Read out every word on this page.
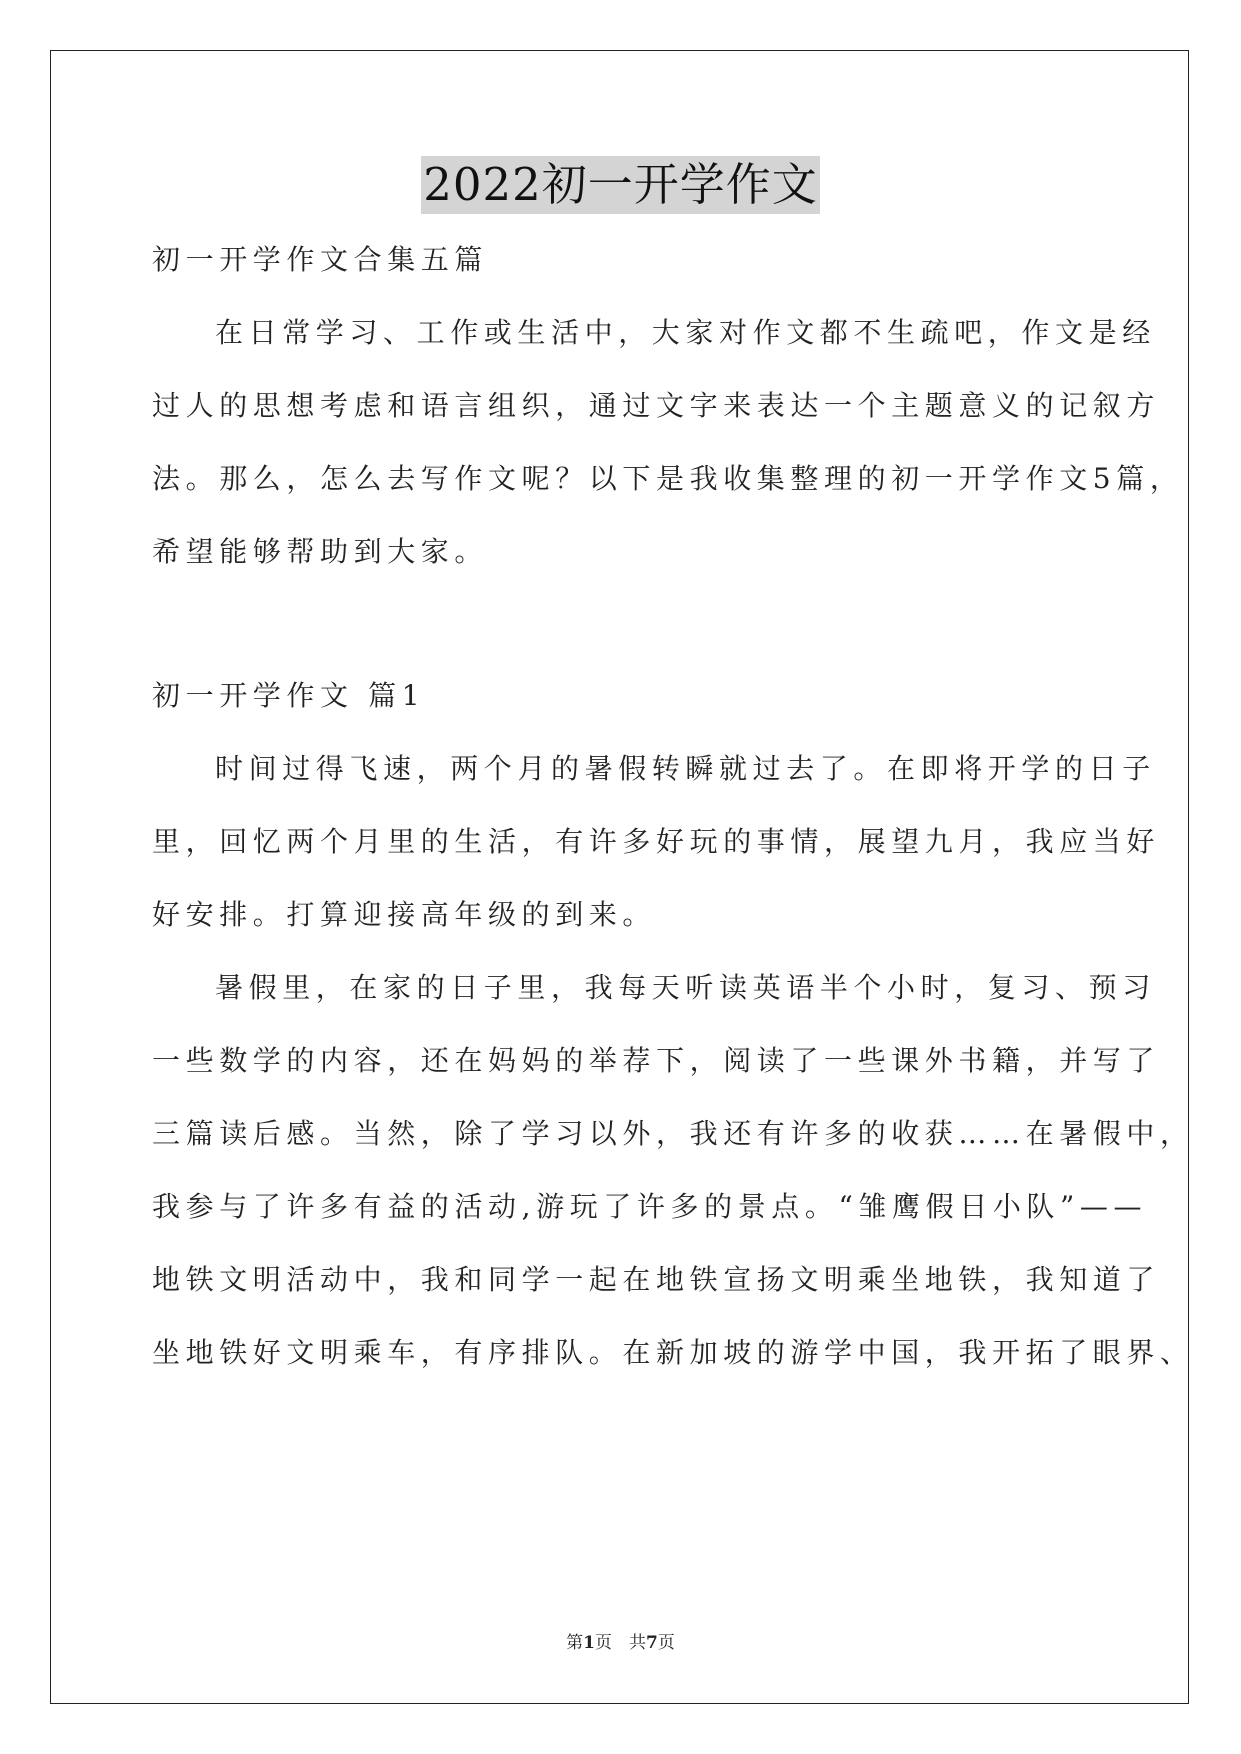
2022初一开学作文
初一开学作文合集五篇
在日常学习、工作或生活中，大家对作文都不生疏吧，作文是经
过人的思想考虑和语言组织，通过文字来表达一个主题意义的记叙方
法。那么，怎么去写作文呢？以下是我收集整理的初一开学作文5篇，
希望能够帮助到大家。
初一开学作文 篇1
时间过得飞速，两个月的暑假转瞬就过去了。在即将开学的日子
里，回忆两个月里的生活，有许多好玩的事情，展望九月，我应当好
好安排。打算迎接高年级的到来。
暑假里，在家的日子里，我每天听读英语半个小时，复习、预习
一些数学的内容，还在妈妈的举荐下，阅读了一些课外书籍，并写了
三篇读后感。当然，除了学习以外，我还有许多的收获……在暑假中，
我参与了许多有益的活动,游玩了许多的景点。“雏鹰假日小队”——
地铁文明活动中，我和同学一起在地铁宣扬文明乘坐地铁，我知道了
坐地铁好文明乘车，有序排队。在新加坡的游学中国，我开拓了眼界、
第1页　共7页
